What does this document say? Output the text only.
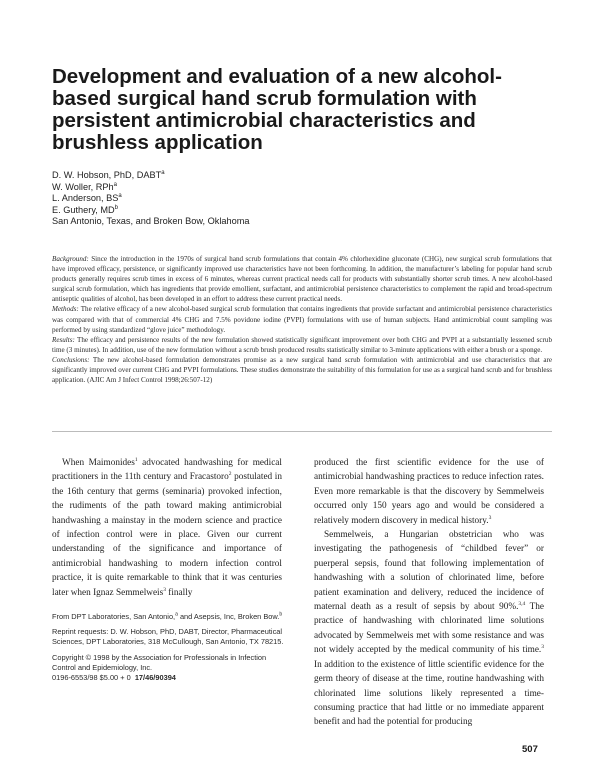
Development and evaluation of a new alcohol-based surgical hand scrub formulation with persistent antimicrobial characteristics and brushless application
D. W. Hobson, PhD, DABT$^a$
W. Woller, RPh$^a$
L. Anderson, $BS^a$
E. Guthery, $MD^b$
San Antonio, Texas, and Broken Bow, Oklahoma

Background: Since the introduction in the 1970s of surgical hand scrub formulations that contain 4% chlorhexidine gluconate (CHG), new surgical scrub formulations that have improved efficacy, persistence, or significantly improved use characteristics have not been forthcoming. In addition, the manufacturer’s labeling for popular hand scrub products generally requires scrub times in excess of 6 minutes, whereas current practical needs call for products with substantially shorter scrub times. A new alcohol-based surgical scrub formulation, which has ingredients that provide emollient, surfactant, and antimicrobial persistence characteristics to complement the rapid and broad-spectrum antiseptic qualities of alcohol, has been developed in an effort to address these current practical needs.

Methods: The relative efficacy of a new alcohol-based surgical scrub formulation that contains ingredients that provide surfactant and antimicrobial persistence characteristics was compared with that of commercial 4% CHG and 7.5% povidone iodine (PVPI) formulations with use of human subjects. Hand antimicrobial count sampling was performed by using standardized “glove juice” methodology.

Results: The efficacy and persistence results of the new formulation showed statistically significant improvement over both CHG and PVPI at a substantially lessened scrub time (3 minutes). In addition, use of the new formulation without a scrub brush produced results statistically similar to 3-minute applications with either a brush or a sponge.

Conclusions: The new alcohol-based formulation demonstrates promise as a new surgical hand scrub formulation with antimicrobial and use characteristics that are significantly improved over current CHG and PVPI formulations. These studies demonstrate the suitability of this formulation for use as a surgical hand scrub and for brushless application. (AJIC Am J Infect Control 1998;26:507-12)

When Maimonides$^1$ advocated handwashing for medical practitioners in the 11th century and Fracastoro$^2$ postulated in the 16th century that germs (seminaria) provoked infection, the rudiments of the path toward making antimicrobial handwashing a mainstay in the modern science and practice of infection control were in place. Given our current understanding of the significance and importance of antimicrobial handwashing to modern infection control practice, it is quite remarkable to think that it was centuries later when Ignaz Semmelweis$^3$ finally

From DPT Laboratories, San Antonio,$^a$ and Asepsis, Inc, Broken Bow.$^b$

Reprint requests: D. W. Hobson, PhD, DABT, Director, Pharmaceutical Sciences, DPT Laboratories, 318 McCullough, San Antonio, TX 78215.

Copyright © 1998 by the Association for Professionals in Infection Control and Epidemiology, Inc.

0196-6553/98 $5.00 + 0 17/46/90394

produced the first scientific evidence for the use of antimicrobial handwashing practices to reduce infection rates. Even more remarkable is that the discovery by Semmelweis occurred only 150 years ago and would be considered a relatively modern discovery in medical history.$^3$

Semmelweis, a Hungarian obstetrician who was investigating the pathogenesis of “childbed fever” or puerperal sepsis, found that following implementation of handwashing with a solution of chlorinated lime, before patient examination and delivery, reduced the incidence of maternal death as a result of sepsis by about 90%.$^{3,4}$ The practice of handwashing with chlorinated lime solutions advocated by Semmelweis met with some resistance and was not widely accepted by the medical community of his time.$^3$ In addition to the existence of little scientific evidence for the germ theory of disease at the time, routine handwashing with chlorinated lime solutions likely represented a time-consuming practice that had little or no immediate apparent benefit and had the potential for producing

507
